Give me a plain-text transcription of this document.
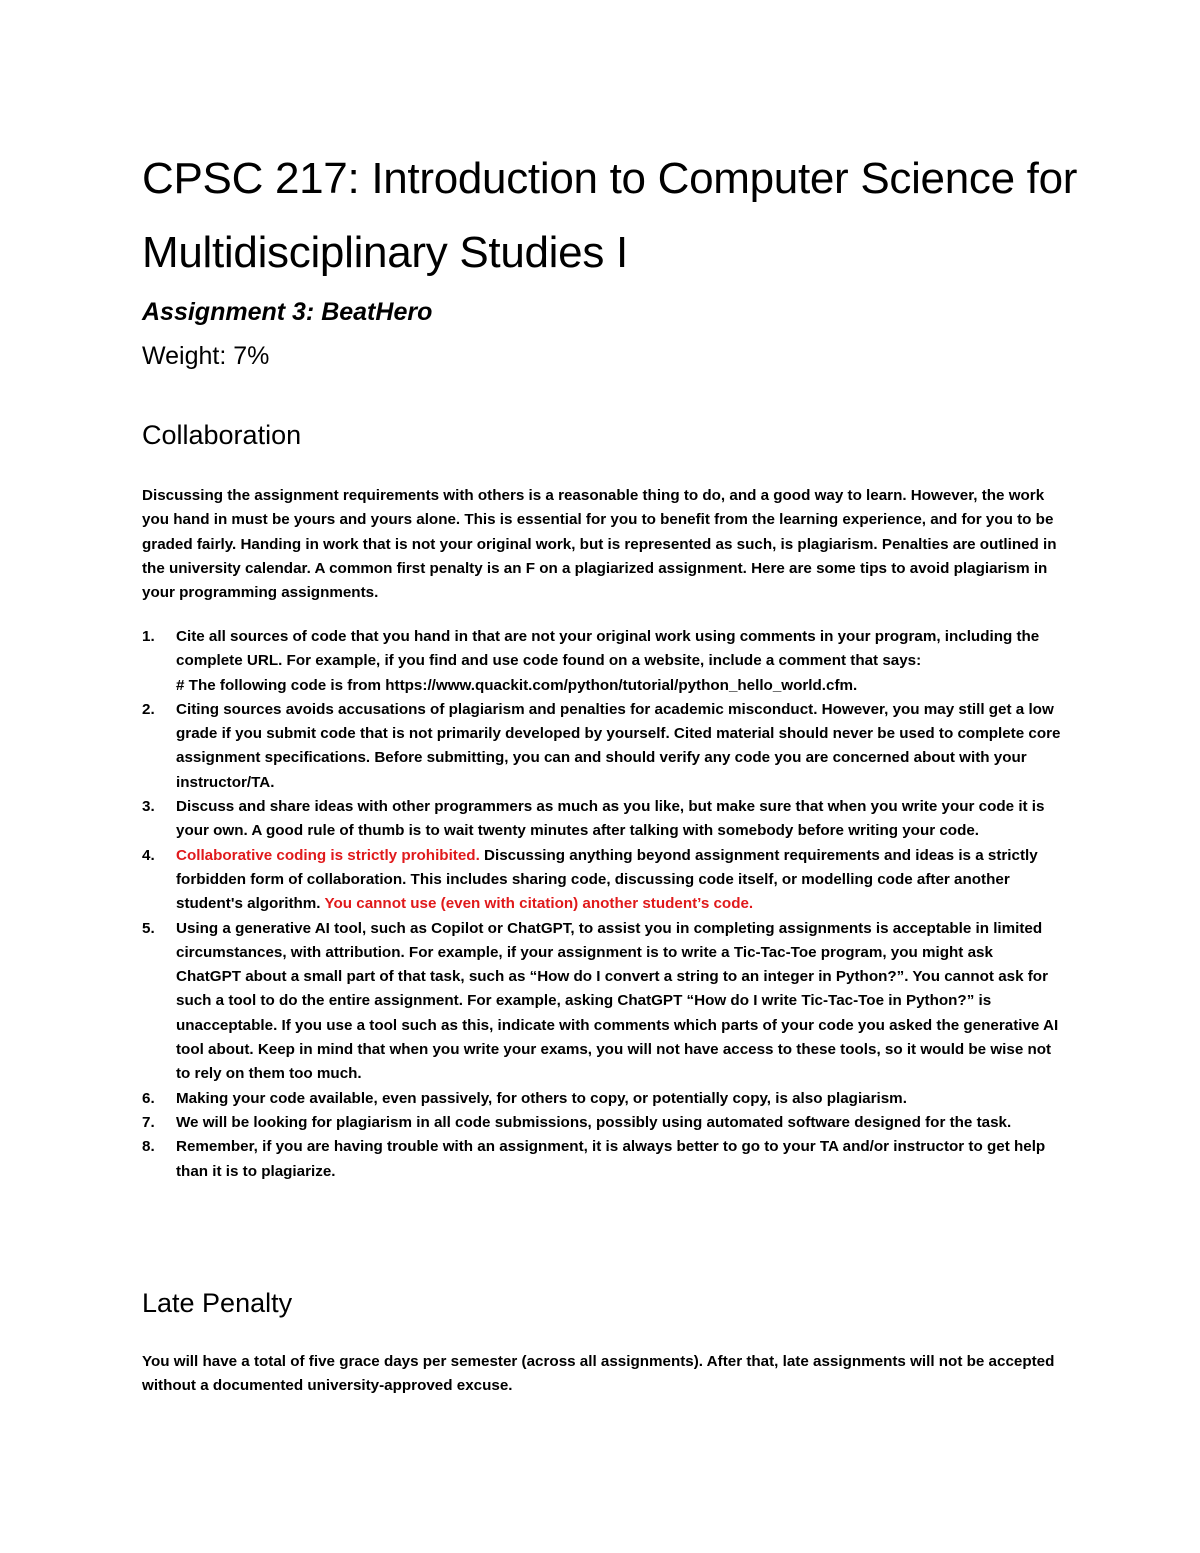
CPSC 217: Introduction to Computer Science for Multidisciplinary Studies I

Assignment 3: BeatHero

Weight: 7%

Collaboration

Discussing the assignment requirements with others is a reasonable thing to do, and a good way to learn. However, the work you hand in must be yours and yours alone. This is essential for you to benefit from the learning experience, and for you to be graded fairly. Handing in work that is not your original work, but is represented as such, is plagiarism. Penalties are outlined in the university calendar. A common first penalty is an F on a plagiarized assignment. Here are some tips to avoid plagiarism in your programming assignments.

1. Cite all sources of code that you hand in that are not your original work using comments in your program, including the complete URL. For example, if you find and use code found on a website, include a comment that says:
# The following code is from https://www.quackit.com/python/tutorial/python_hello_world.cfm.
2. Citing sources avoids accusations of plagiarism and penalties for academic misconduct. However, you may still get a low grade if you submit code that is not primarily developed by yourself. Cited material should never be used to complete core assignment specifications. Before submitting, you can and should verify any code you are concerned about with your instructor/TA.
3. Discuss and share ideas with other programmers as much as you like, but make sure that when you write your code it is your own. A good rule of thumb is to wait twenty minutes after talking with somebody before writing your code.
4. Collaborative coding is strictly prohibited. Discussing anything beyond assignment requirements and ideas is a strictly forbidden form of collaboration. This includes sharing code, discussing code itself, or modelling code after another student's algorithm. You cannot use (even with citation) another student’s code.
5. Using a generative AI tool, such as Copilot or ChatGPT, to assist you in completing assignments is acceptable in limited circumstances, with attribution. For example, if your assignment is to write a Tic-Tac-Toe program, you might ask ChatGPT about a small part of that task, such as “How do I convert a string to an integer in Python?”. You cannot ask for such a tool to do the entire assignment. For example, asking ChatGPT “How do I write Tic-Tac-Toe in Python?” is unacceptable. If you use a tool such as this, indicate with comments which parts of your code you asked the generative AI tool about. Keep in mind that when you write your exams, you will not have access to these tools, so it would be wise not to rely on them too much.
6. Making your code available, even passively, for others to copy, or potentially copy, is also plagiarism.
7. We will be looking for plagiarism in all code submissions, possibly using automated software designed for the task.
8. Remember, if you are having trouble with an assignment, it is always better to go to your TA and/or instructor to get help than it is to plagiarize.
Late Penalty

You will have a total of five grace days per semester (across all assignments). After that, late assignments will not be accepted without a documented university-approved excuse.
